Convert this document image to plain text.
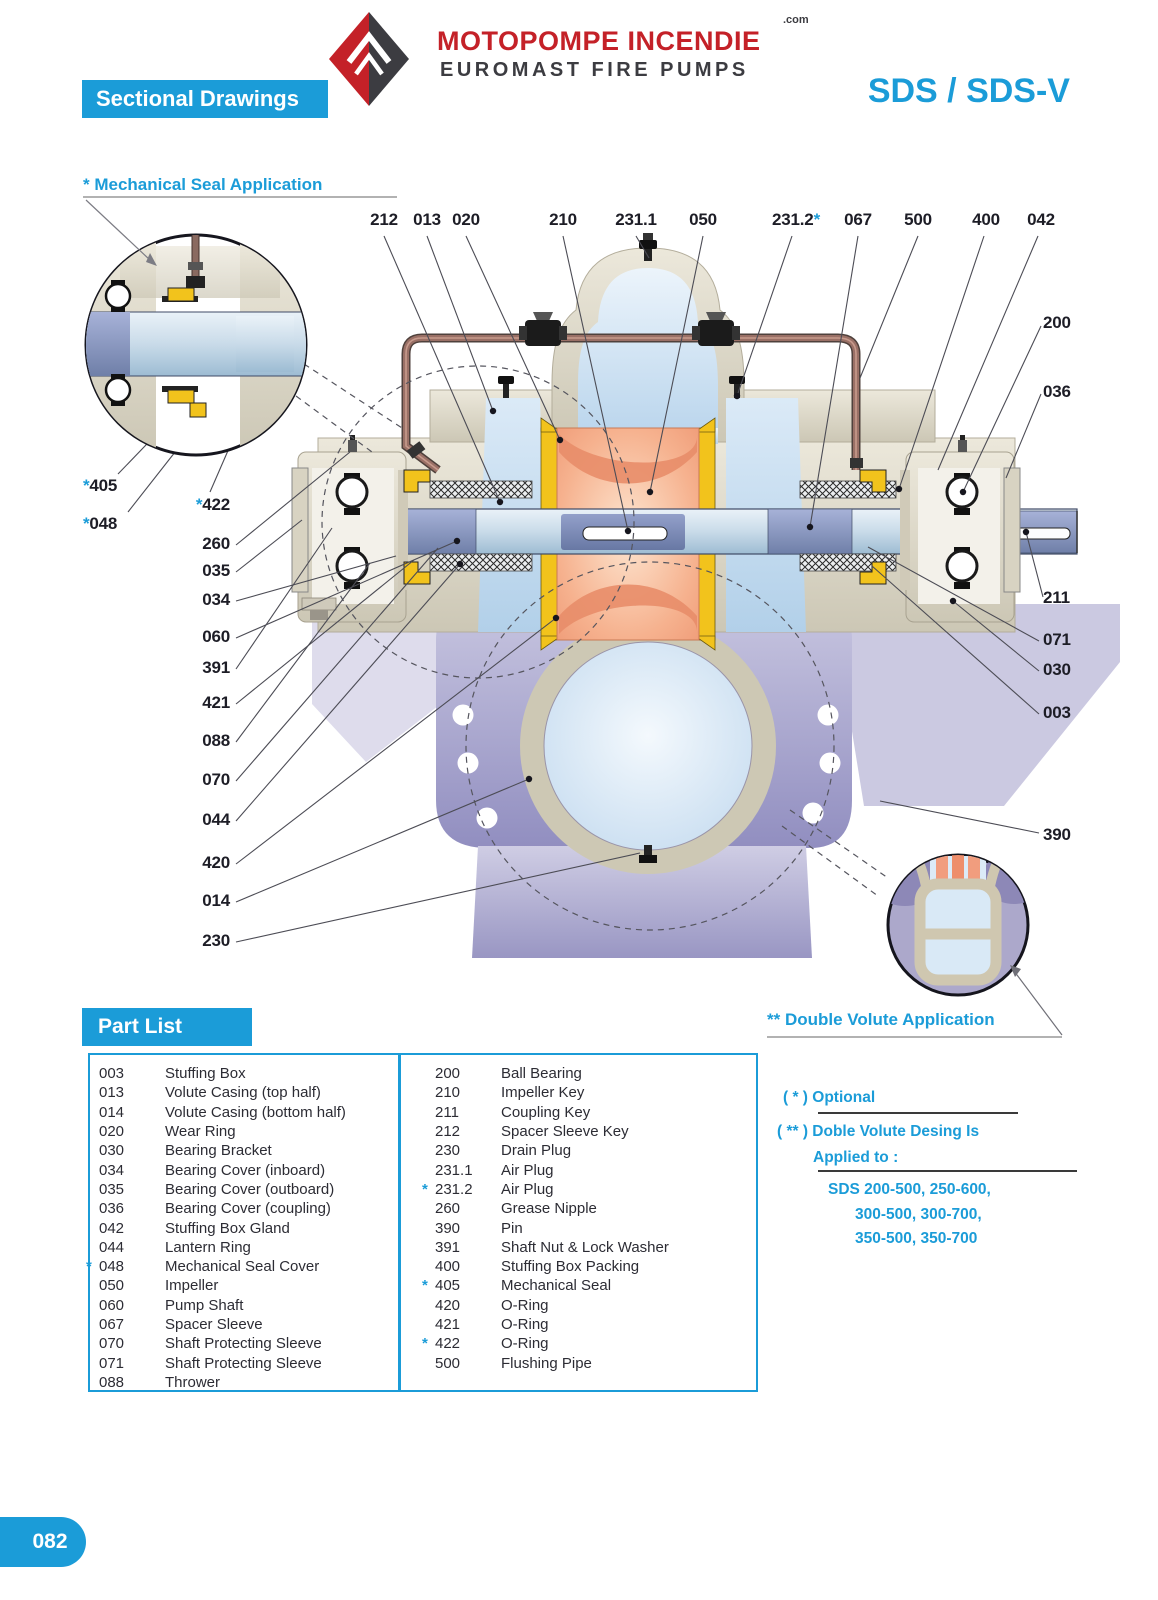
MOTOPOMPE INCENDIE
.com
EUROMAST FIRE PUMPS
Sectional Drawings	SDS / SDS-V
* Mechanical Seal Application
** Double Volute Application
212 013 020	210 231.1 050	231.2* 067 500 400 042
200
036
211
071
030
003
390
*405
*048
*422
260
035
034
060
391
421
088
070
044
420
014
230
Part List
003	Stuffing Box
013	Volute Casing (top half)
014	Volute Casing (bottom half)
020	Wear Ring
030	Bearing Bracket
034	Bearing Cover (inboard)
035	Bearing Cover (outboard)
036	Bearing Cover (coupling)
042	Stuffing Box Gland
044	Lantern Ring
* 048	Mechanical Seal Cover
050	Impeller
060	Pump Shaft
067	Spacer Sleeve
070	Shaft Protecting Sleeve
071	Shaft Protecting Sleeve
088	Thrower
200	Ball Bearing
210	Impeller Key
211	Coupling Key
212	Spacer Sleeve Key
230	Drain Plug
231.1	Air Plug
* 231.2	Air Plug
260	Grease Nipple
390	Pin
391	Shaft Nut & Lock Washer
400	Stuffing Box Packing
* 405	Mechanical Seal
420	O-Ring
421	O-Ring
* 422	O-Ring
500	Flushing Pipe
( * ) Optional
( ** ) Doble Volute Desing Is
Applied to :
SDS 200-500, 250-600,
300-500, 300-700,
350-500, 350-700
082
